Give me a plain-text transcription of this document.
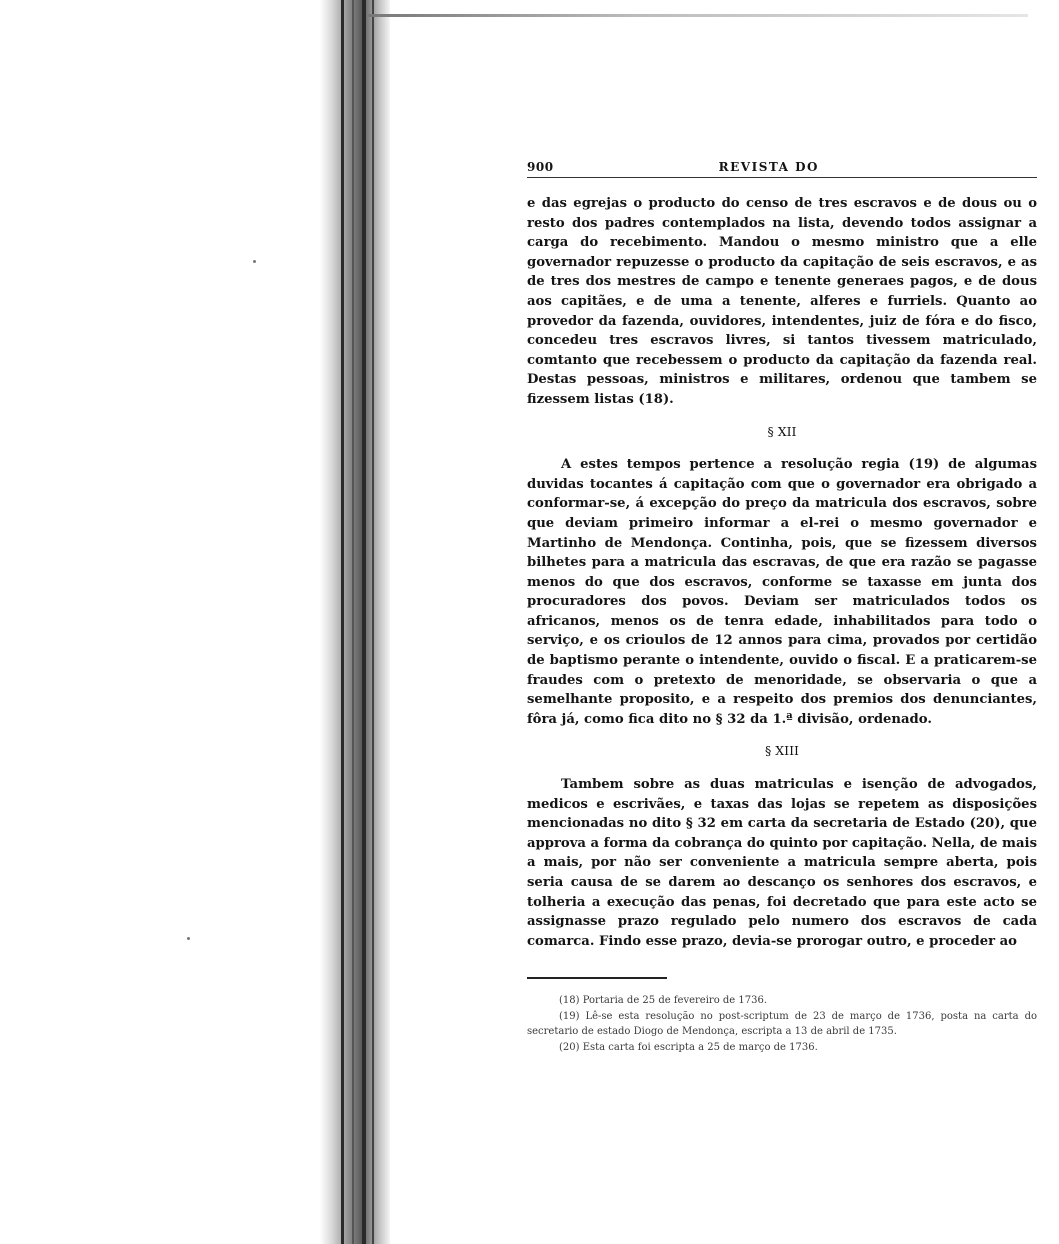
900	REVISTA DO

e das egrejas o producto do censo de tres escravos e de dous ou o resto dos padres contemplados na lista, devendo todos assignar a carga do recebimento. Mandou o mesmo ministro que a elle governador repuzesse o producto da capitação de seis escravos, e as de tres dos mestres de campo e tenente generaes pagos, e de dous aos capitães, e de uma a tenente, alferes e furriels. Quanto ao provedor da fazenda, ouvidores, intendentes, juiz de fóra e do fisco, concedeu tres escravos livres, si tantos tivessem matriculado, comtanto que recebessem o producto da capitação da fazenda real. Destas pessoas, ministros e militares, ordenou que tambem se fizessem listas (18).

§ XII

A estes tempos pertence a resolução regia (19) de algumas duvidas tocantes á capitação com que o governador era obrigado a conformar-se, á excepção do preço da matricula dos escravos, sobre que deviam primeiro informar a el-rei o mesmo governador e Martinho de Mendonça. Continha, pois, que se fizessem diversos bilhetes para a matricula das escravas, de que era razão se pagasse menos do que dos escravos, conforme se taxasse em junta dos procuradores dos povos. Deviam ser matriculados todos os africanos, menos os de tenra edade, inhabilitados para todo o serviço, e os crioulos de 12 annos para cima, provados por certidão de baptismo perante o intendente, ouvido o fiscal. E a praticarem-se fraudes com o pretexto de menoridade, se observaria o que a semelhante proposito, e a respeito dos premios dos denunciantes, fôra já, como fica dito no § 32 da 1.ª divisão, ordenado.

§ XIII

Tambem sobre as duas matriculas e isenção de advogados, medicos e escrivães, e taxas das lojas se repetem as disposições mencionadas no dito § 32 em carta da secretaria de Estado (20), que approva a forma da cobrança do quinto por capitação. Nella, de mais a mais, por não ser conveniente a matricula sempre aberta, pois seria causa de se darem ao descanço os senhores dos escravos, e tolheria a execução das penas, foi decretado que para este acto se assignasse prazo regulado pelo numero dos escravos de cada comarca. Findo esse prazo, devia-se prorogar outro, e proceder ao

(18) Portaria de 25 de fevereiro de 1736.

(19) Lê-se esta resolução no post-scriptum de 23 de março de 1736, posta na carta do secretario de estado Diogo de Mendonça, escripta a 13 de abril de 1735.

(20) Esta carta foi escripta a 25 de março de 1736.
